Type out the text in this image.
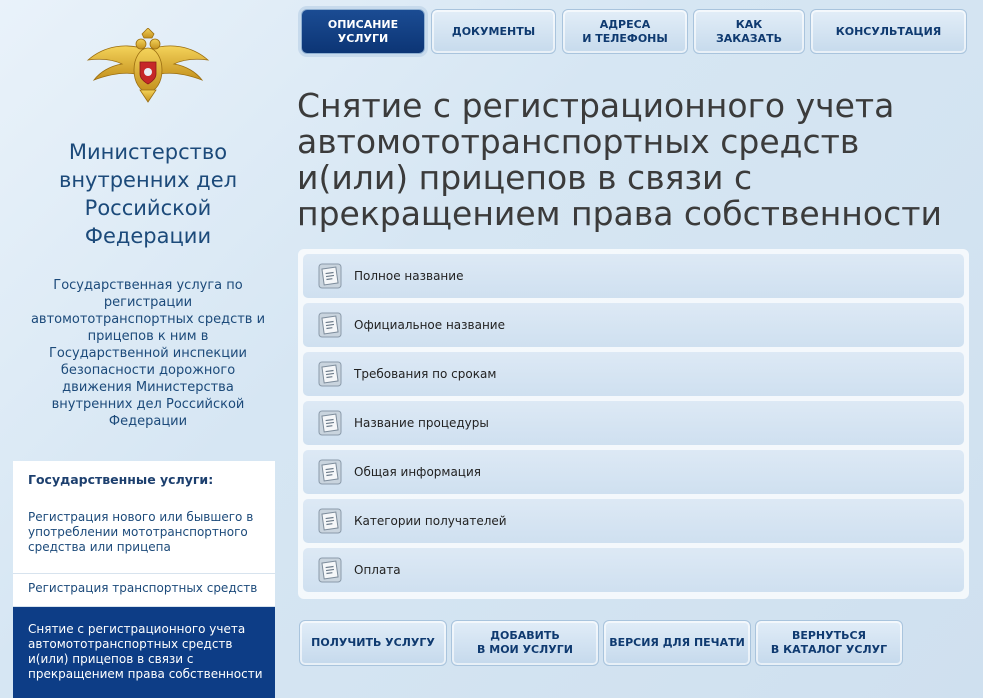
Министерство внутренних дел Российской Федерации
Государственная услуга по регистрации автомототранспортных средств и прицепов к ним в Государственной инспекции безопасности дорожного движения Министерства внутренних дел Российской Федерации
Государственные услуги:
Регистрация нового или бывшего в употреблении мототранспортного средства или прицепа
Регистрация транспортных средств
Снятие с регистрационного учета автомототранспортных средств и(или) прицепов в связи с прекращением права собственности
ОПИСАНИЕ
УСЛУГИ
ДОКУМЕНТЫ
АДРЕСА
И ТЕЛЕФОНЫ
КАК
ЗАКАЗАТЬ
КОНСУЛЬТАЦИЯ
Снятие с регистрационного учета автомототранспортных средств и(или) прицепов в связи с прекращением права собственности
Полное название
Официальное название
Требования по срокам
Название процедуры
Общая информация
Категории получателей
Оплата
ПОЛУЧИТЬ УСЛУГУ
ДОБАВИТЬ
В МОИ УСЛУГИ
ВЕРСИЯ ДЛЯ ПЕЧАТИ
ВЕРНУТЬСЯ
В КАТАЛОГ УСЛУГ
